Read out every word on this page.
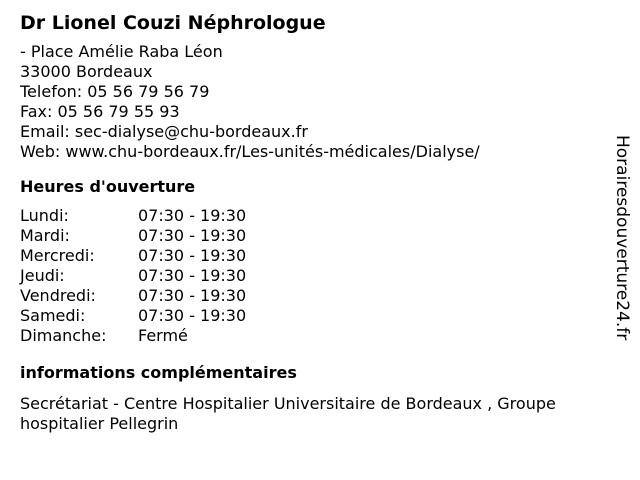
Dr Lionel Couzi Néphrologue
- Place Amélie Raba Léon
33000 Bordeaux
Telefon: 05 56 79 56 79
Fax: 05 56 79 55 93
Email: sec-dialyse@chu-bordeaux.fr
Web: www.chu-bordeaux.fr/Les-unités-médicales/Dialyse/
Heures d'ouverture
Lundi:	07:30 - 19:30
Mardi:	07:30 - 19:30
Mercredi:	07:30 - 19:30
Jeudi:	07:30 - 19:30
Vendredi:	07:30 - 19:30
Samedi:	07:30 - 19:30
Dimanche:	Fermé
informations complémentaires
Secrétariat - Centre Hospitalier Universitaire de Bordeaux , Groupe hospitalier Pellegrin
Horairesdouverture24.fr
